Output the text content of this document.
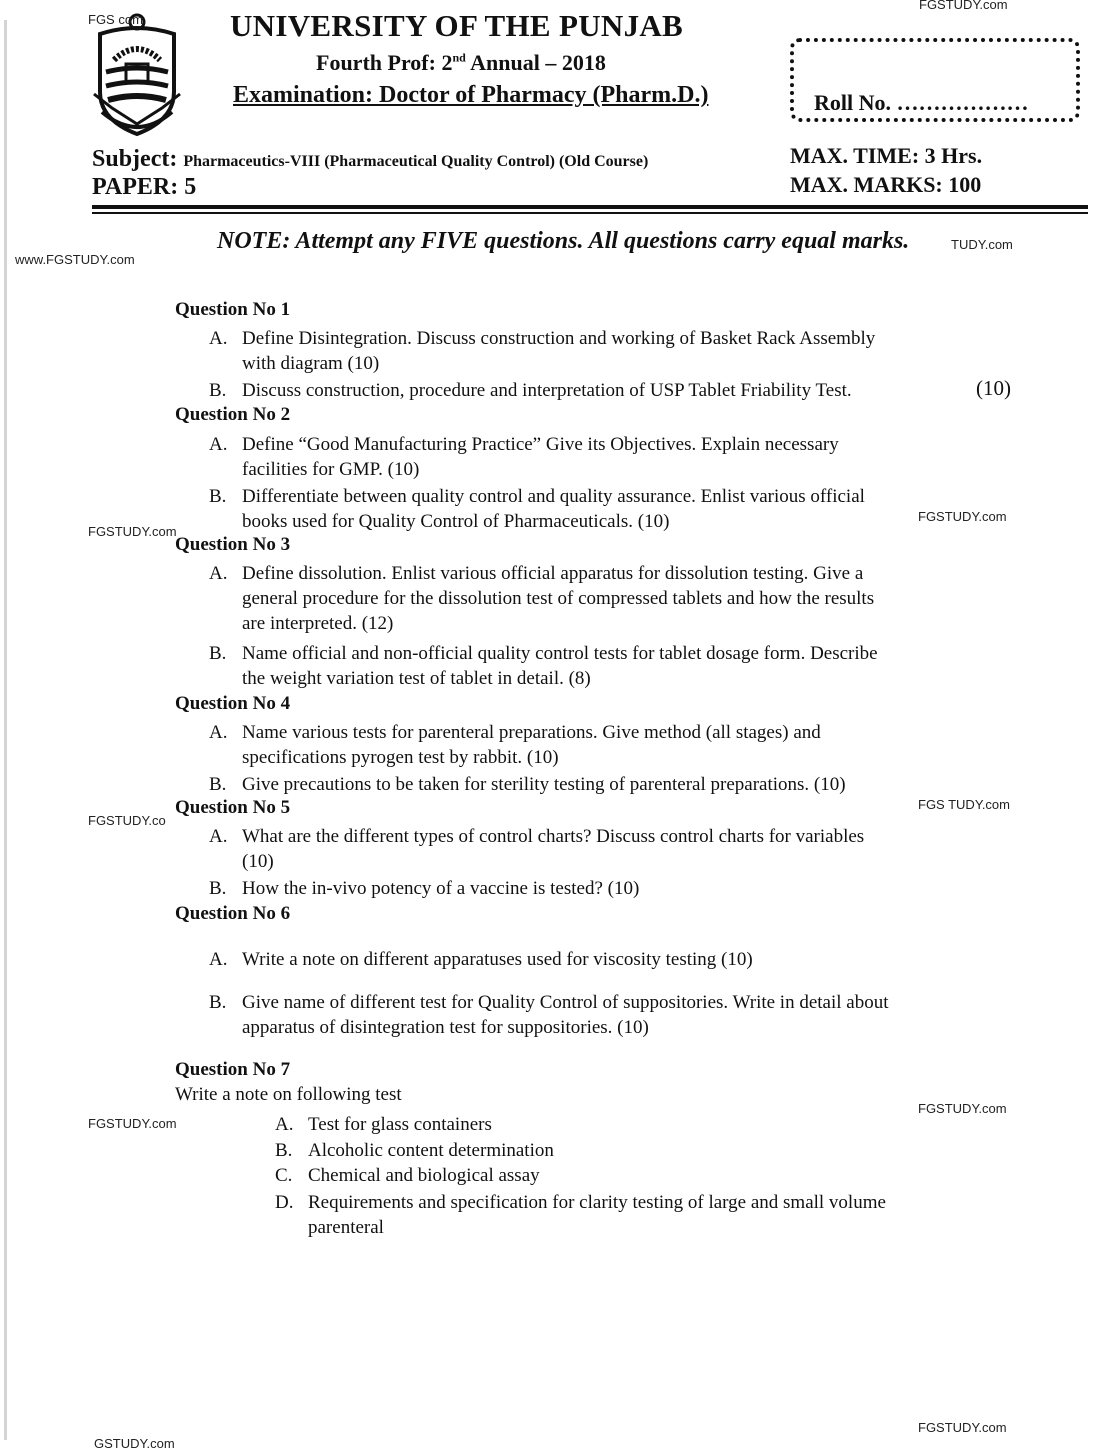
FGS com	UNIVERSITY OF THE PUNJAB
Fourth Prof: 2nd Annual – 2018
Examination: Doctor of Pharmacy (Pharm.D.)
FGSTUDY.com
Roll No. ………………
Subject: Pharmaceutics-VIII (Pharmaceutical Quality Control) (Old Course)
PAPER: 5
MAX. TIME: 3 Hrs.
MAX. MARKS: 100
NOTE: Attempt any FIVE questions. All questions carry equal marks.	TUDY.com
www.FGSTUDY.com
Question No 1
A. Define Disintegration. Discuss construction and working of Basket Rack Assembly
with diagram (10)
B. Discuss construction, procedure and interpretation of USP Tablet Friability Test.	(10)
Question No 2
A. Define “Good Manufacturing Practice” Give its Objectives. Explain necessary
facilities for GMP. (10)
B. Differentiate between quality control and quality assurance. Enlist various official
books used for Quality Control of Pharmaceuticals. (10)	FGSTUDY.com
FGSTUDY.com
Question No 3
A. Define dissolution. Enlist various official apparatus for dissolution testing. Give a
general procedure for the dissolution test of compressed tablets and how the results
are interpreted. (12)
B. Name official and non-official quality control tests for tablet dosage form. Describe
the weight variation test of tablet in detail. (8)
Question No 4
A. Name various tests for parenteral preparations. Give method (all stages) and
specifications pyrogen test by rabbit. (10)
B. Give precautions to be taken for sterility testing of parenteral preparations. (10)
FGSTUDY.co
FGS TUDY.com
Question No 5
A. What are the different types of control charts? Discuss control charts for variables
(10)
B. How the in-vivo potency of a vaccine is tested? (10)
Question No 6
A. Write a note on different apparatuses used for viscosity testing (10)
B. Give name of different test for Quality Control of suppositories. Write in detail about
apparatus of disintegration test for suppositories. (10)
Question No 7
Write a note on following test
FGSTUDY.com
FGSTUDY.com	A. Test for glass containers
B. Alcoholic content determination
C. Chemical and biological assay
D. Requirements and specification for clarity testing of large and small volume
parenteral
FGSTUDY.com
GSTUDY.com
